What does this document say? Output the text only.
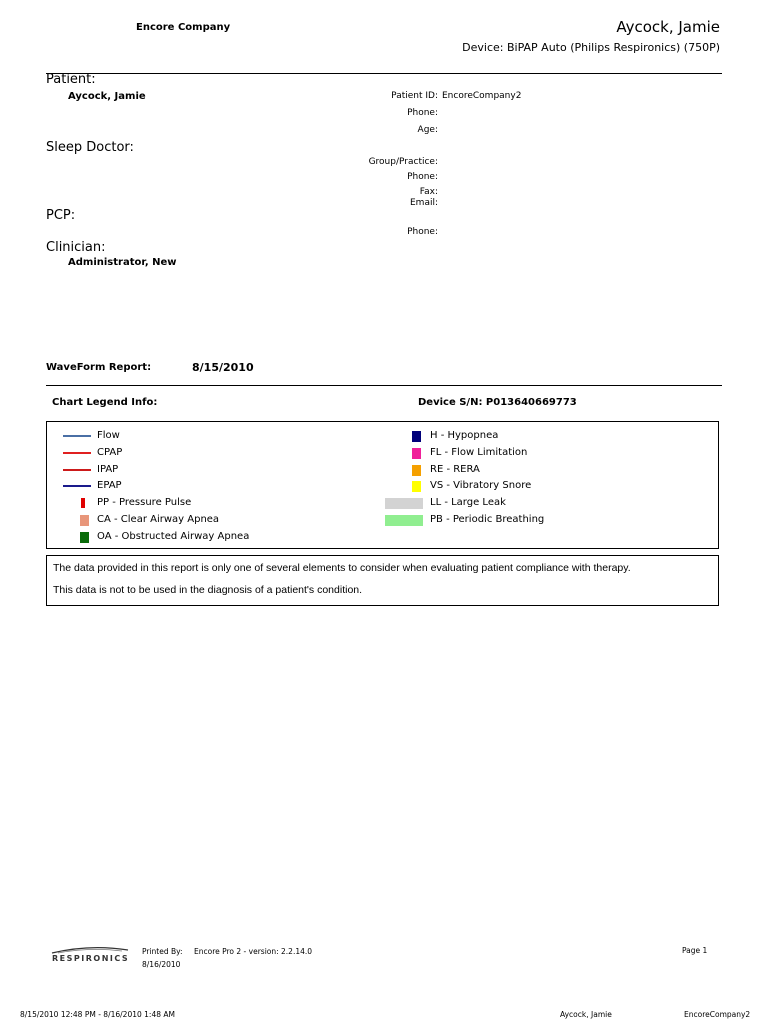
Encore Company	Aycock, Jamie
Device: BiPAP Auto (Philips Respironics) (750P)
Patient:
Aycock, Jamie	Patient ID: EncoreCompany2
Phone:
Age:
Sleep Doctor:
Group/Practice:
Phone:
Fax:
Email:
PCP:
Phone:
Clinician:
Administrator, New
WaveForm Report:	8/15/2010
Chart Legend Info:	Device S/N: P013640669773
Flow
CPAP
IPAP
EPAP
PP - Pressure Pulse
CA - Clear Airway Apnea
OA - Obstructed Airway Apnea
H - Hypopnea
FL - Flow Limitation
RE - RERA
VS - Vibratory Snore
LL - Large Leak
PB - Periodic Breathing
The data provided in this report is only one of several elements to consider when evaluating patient compliance with therapy.
This data is not to be used in the diagnosis of a patient's condition.
RESPIRONICS
Printed By:
8/16/2010
Encore Pro 2 - version: 2.2.14.0	Page 1
8/15/2010 12:48 PM - 8/16/2010 1:48 AM	Aycock, Jamie	EncoreCompany2
